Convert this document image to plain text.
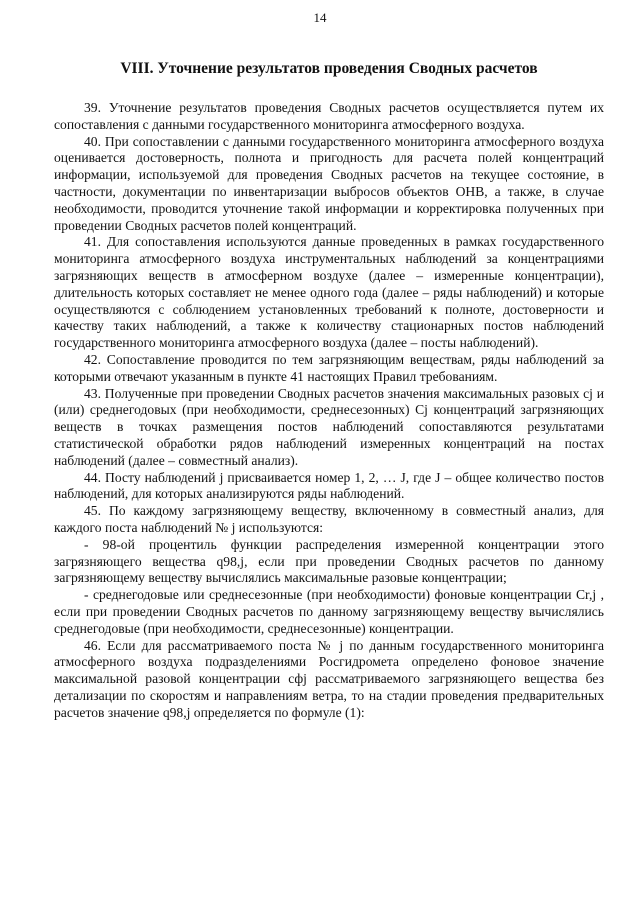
14
VIII. Уточнение результатов проведения Сводных расчетов

39. Уточнение результатов проведения Сводных расчетов осуществляется путем их сопоставления с данными государственного мониторинга атмосферного воздуха.

40. При сопоставлении с данными государственного мониторинга атмосферного воздуха оценивается достоверность, полнота и пригодность для расчета полей концентраций информации, используемой для проведения Сводных расчетов на текущее состояние, в частности, документации по инвентаризации выбросов объектов ОНВ, а также, в случае необходимости, проводится уточнение такой информации и корректировка полученных при проведении Сводных расчетов полей концентраций.

41. Для сопоставления используются данные проведенных в рамках государственного мониторинга атмосферного воздуха инструментальных наблюдений за концентрациями загрязняющих веществ в атмосферном воздухе (далее – измеренные концентрации), длительность которых составляет не менее одного года (далее – ряды наблюдений) и которые осуществляются с соблюдением установленных требований к полноте, достоверности и качеству таких наблюдений, а также к количеству стационарных постов наблюдений государственного мониторинга атмосферного воздуха (далее – посты наблюдений).

42. Сопоставление проводится по тем загрязняющим веществам, ряды наблюдений за которыми отвечают указанным в пункте 41 настоящих Правил требованиям.

43. Полученные при проведении Сводных расчетов значения максимальных разовых cj и (или) среднегодовых (при необходимости, среднесезонных) Cj концентраций загрязняющих веществ в точках размещения постов наблюдений сопоставляются результатами статистической обработки рядов наблюдений измеренных концентраций на постах наблюдений (далее – совместный анализ).

44. Посту наблюдений j присваивается номер 1, 2, … J, где J – общее количество постов наблюдений, для которых анализируются ряды наблюдений.

45. По каждому загрязняющему веществу, включенному в совместный анализ, для каждого поста наблюдений № j используются:

- 98-ой процентиль функции распределения измеренной концентрации этого загрязняющего вещества q98,j, если при проведении Сводных расчетов по данному загрязняющему веществу вычислялись максимальные разовые концентрации;

- среднегодовые или среднесезонные (при необходимости) фоновые концентрации Cr,j , если при проведении Сводных расчетов по данному загрязняющему веществу вычислялись среднегодовые (при необходимости, среднесезонные) концентрации.

46. Если для рассматриваемого поста № j по данным государственного мониторинга атмосферного воздуха подразделениями Росгидромета определено фоновое значение максимальной разовой концентрации cфj рассматриваемого загрязняющего вещества без детализации по скоростям и направлениям ветра, то на стадии проведения предварительных расчетов значение q98,j определяется по формуле (1):
